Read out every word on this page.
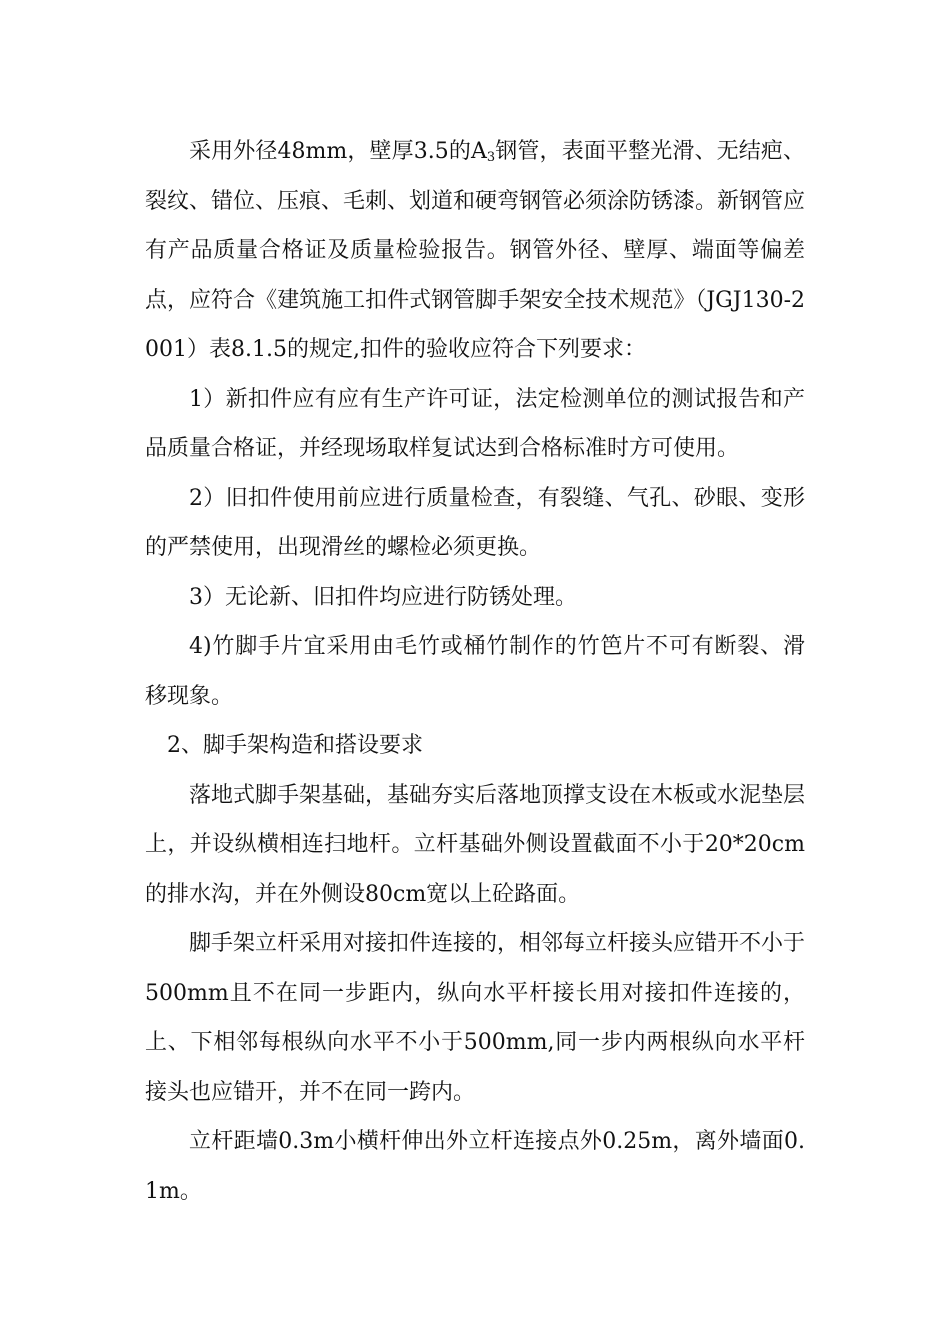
采用外径48mm，壁厚3.5的$A_3$钢管，表面平整光滑、无结疤、裂纹、错位、压痕、毛刺、划道和硬弯钢管必须涂防锈漆。新钢管应有产品质量合格证及质量检验报告。钢管外径、壁厚、端面等偏差点，应符合《建筑施工扣件式钢管脚手架安全技术规范》（JGJ130-2001）表8.1.5的规定,扣件的验收应符合下列要求：

1）新扣件应有应有生产许可证，法定检测单位的测试报告和产品质量合格证，并经现场取样复试达到合格标准时方可使用。

2）旧扣件使用前应进行质量检查，有裂缝、气孔、砂眼、变形的严禁使用，出现滑丝的螺检必须更换。

3）无论新、旧扣件均应进行防锈处理。

4)竹脚手片宜采用由毛竹或桶竹制作的竹笆片不可有断裂、滑移现象。

2、脚手架构造和搭设要求

落地式脚手架基础，基础夯实后落地顶撑支设在木板或水泥垫层上，并设纵横相连扫地杆。立杆基础外侧设置截面不小于20*20cm的排水沟，并在外侧设80cm宽以上砼路面。

脚手架立杆采用对接扣件连接的，相邻每立杆接头应错开不小于500mm且不在同一步距内，纵向水平杆接长用对接扣件连接的，上、下相邻每根纵向水平不小于500mm,同一步内两根纵向水平杆接头也应错开，并不在同一跨内。

立杆距墙0.3m小横杆伸出外立杆连接点外0.25m，离外墙面0.1m。
